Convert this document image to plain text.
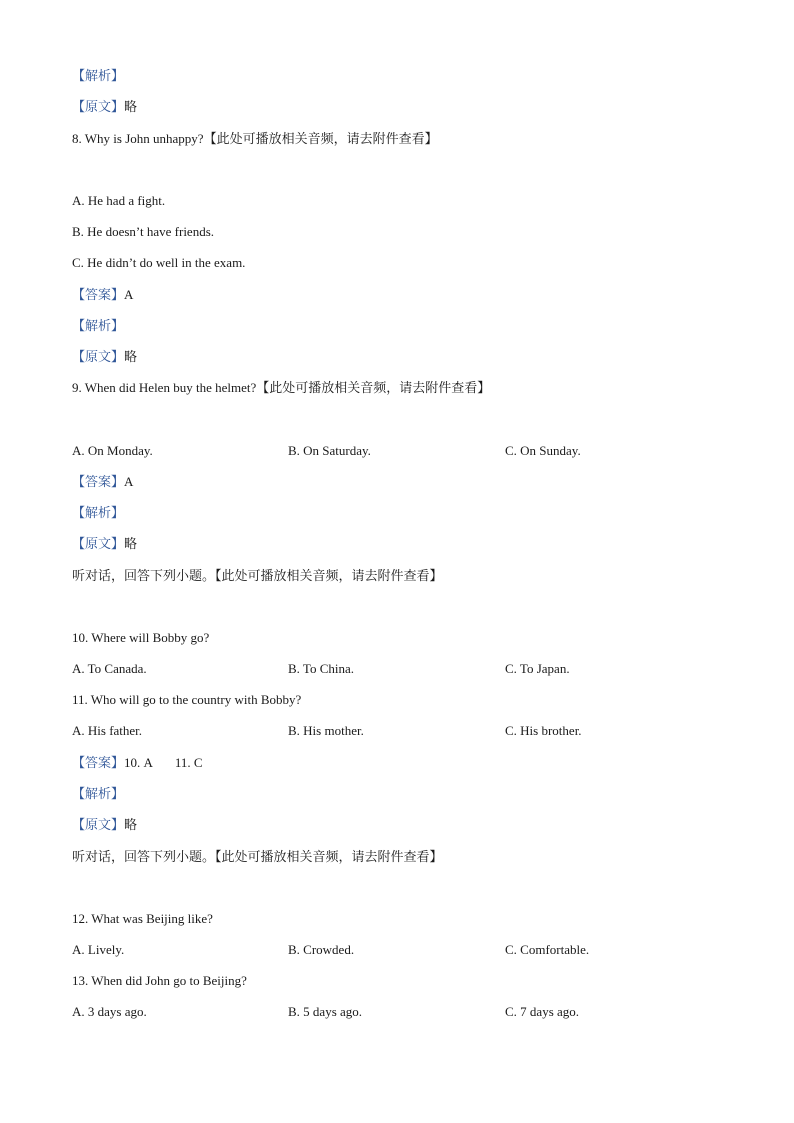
【解析】
【原文】略
8. Why is John unhappy?【此处可播放相关音频，请去附件查看】
A. He had a fight.
B. He doesn’t have friends.
C. He didn’t do well in the exam.
【答案】A
【解析】
【原文】略
9. When did Helen buy the helmet?【此处可播放相关音频，请去附件查看】
A. On Monday.	B. On Saturday.	C. On Sunday.
【答案】A
【解析】
【原文】略
听对话，回答下列小题。【此处可播放相关音频，请去附件查看】
10. Where will Bobby go?
A. To Canada.	B. To China.	C. To Japan.
11. Who will go to the country with Bobby?
A. His father.	B. His mother.	C. His brother.
【答案】10. A 11. C
【解析】
【原文】略
听对话，回答下列小题。【此处可播放相关音频，请去附件查看】
12. What was Beijing like?
A. Lively.	B. Crowded.	C. Comfortable.
13. When did John go to Beijing?
A. 3 days ago.	B. 5 days ago.	C. 7 days ago.
